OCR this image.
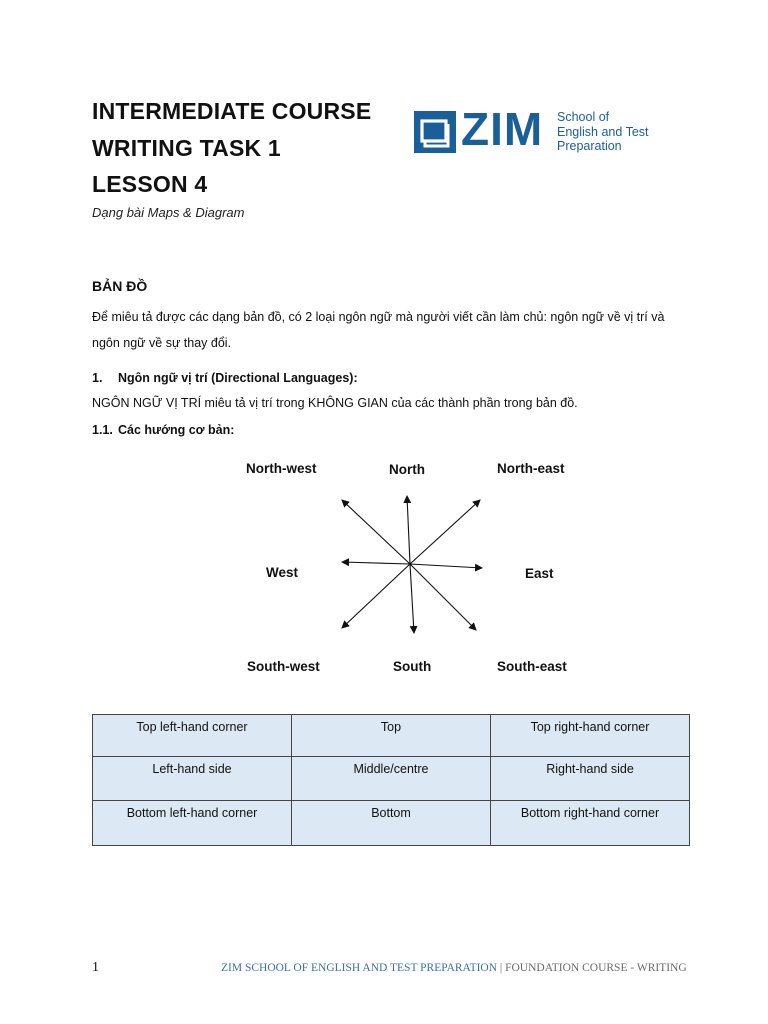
INTERMEDIATE COURSE
WRITING TASK 1
LESSON 4
Dạng bài Maps & Diagram
ZIM School of
English and Test
Preparation
BẢN ĐỒ
Để miêu tả được các dạng bản đồ, có 2 loại ngôn ngữ mà người viết cần làm chủ: ngôn ngữ về vị trí và
ngôn ngữ về sự thay đổi.
1. Ngôn ngữ vị trí (Directional Languages):
NGÔN NGỮ VỊ TRÍ miêu tả vị trí trong KHÔNG GIAN của các thành phần trong bản đồ.
1.1. Các hướng cơ bản:
North-west	North	North-east
West	East
South-west	South	South-east
Top left-hand corner	Top	Top right-hand corner
Left-hand side	Middle/centre	Right-hand side
Bottom left-hand corner	Bottom	Bottom right-hand corner
1	ZIM SCHOOL OF ENGLISH AND TEST PREPARATION | FOUNDATION COURSE - WRITING
